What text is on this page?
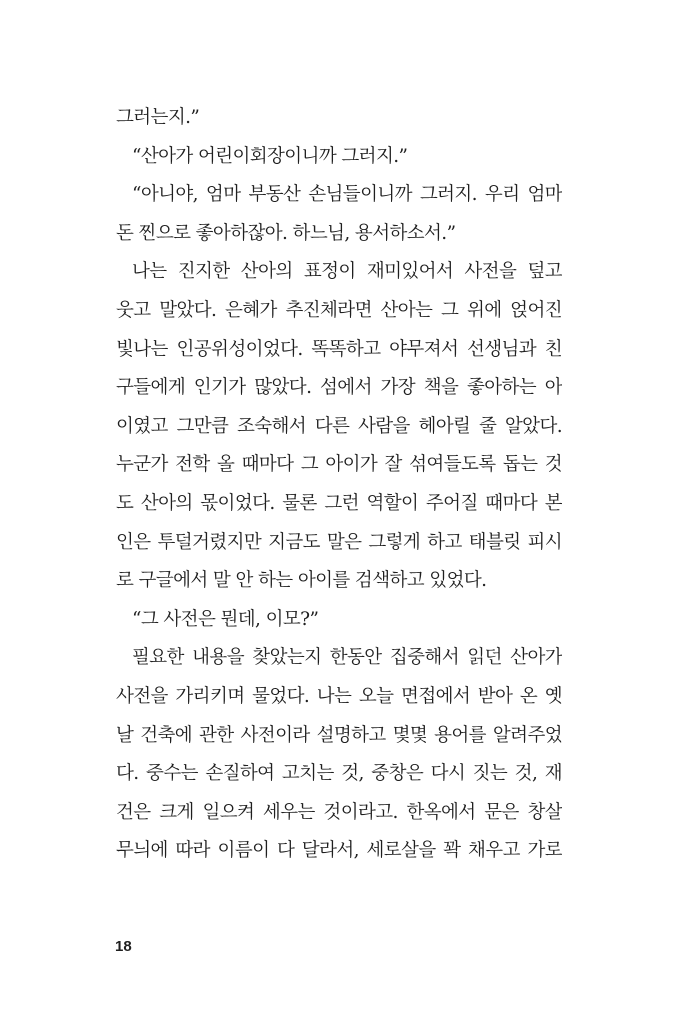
그러는지.”
“산아가 어린이회장이니까 그러지.”
“아니야, 엄마 부동산 손님들이니까 그러지. 우리 엄마
돈 찐으로 좋아하잖아. 하느님, 용서하소서.”
나는 진지한 산아의 표정이 재미있어서 사전을 덮고
웃고 말았다. 은혜가 추진체라면 산아는 그 위에 얹어진
빛나는 인공위성이었다. 똑똑하고 야무져서 선생님과 친
구들에게 인기가 많았다. 섬에서 가장 책을 좋아하는 아
이였고 그만큼 조숙해서 다른 사람을 헤아릴 줄 알았다.
누군가 전학 올 때마다 그 아이가 잘 섞여들도록 돕는 것
도 산아의 몫이었다. 물론 그런 역할이 주어질 때마다 본
인은 투덜거렸지만 지금도 말은 그렇게 하고 태블릿 피시
로 구글에서 말 안 하는 아이를 검색하고 있었다.
“그 사전은 뭔데, 이모?”
필요한 내용을 찾았는지 한동안 집중해서 읽던 산아가
사전을 가리키며 물었다. 나는 오늘 면접에서 받아 온 옛
날 건축에 관한 사전이라 설명하고 몇몇 용어를 알려주었
다. 중수는 손질하여 고치는 것, 중창은 다시 짓는 것, 재
건은 크게 일으켜 세우는 것이라고. 한옥에서 문은 창살
무늬에 따라 이름이 다 달라서, 세로살을 꽉 채우고 가로
18
